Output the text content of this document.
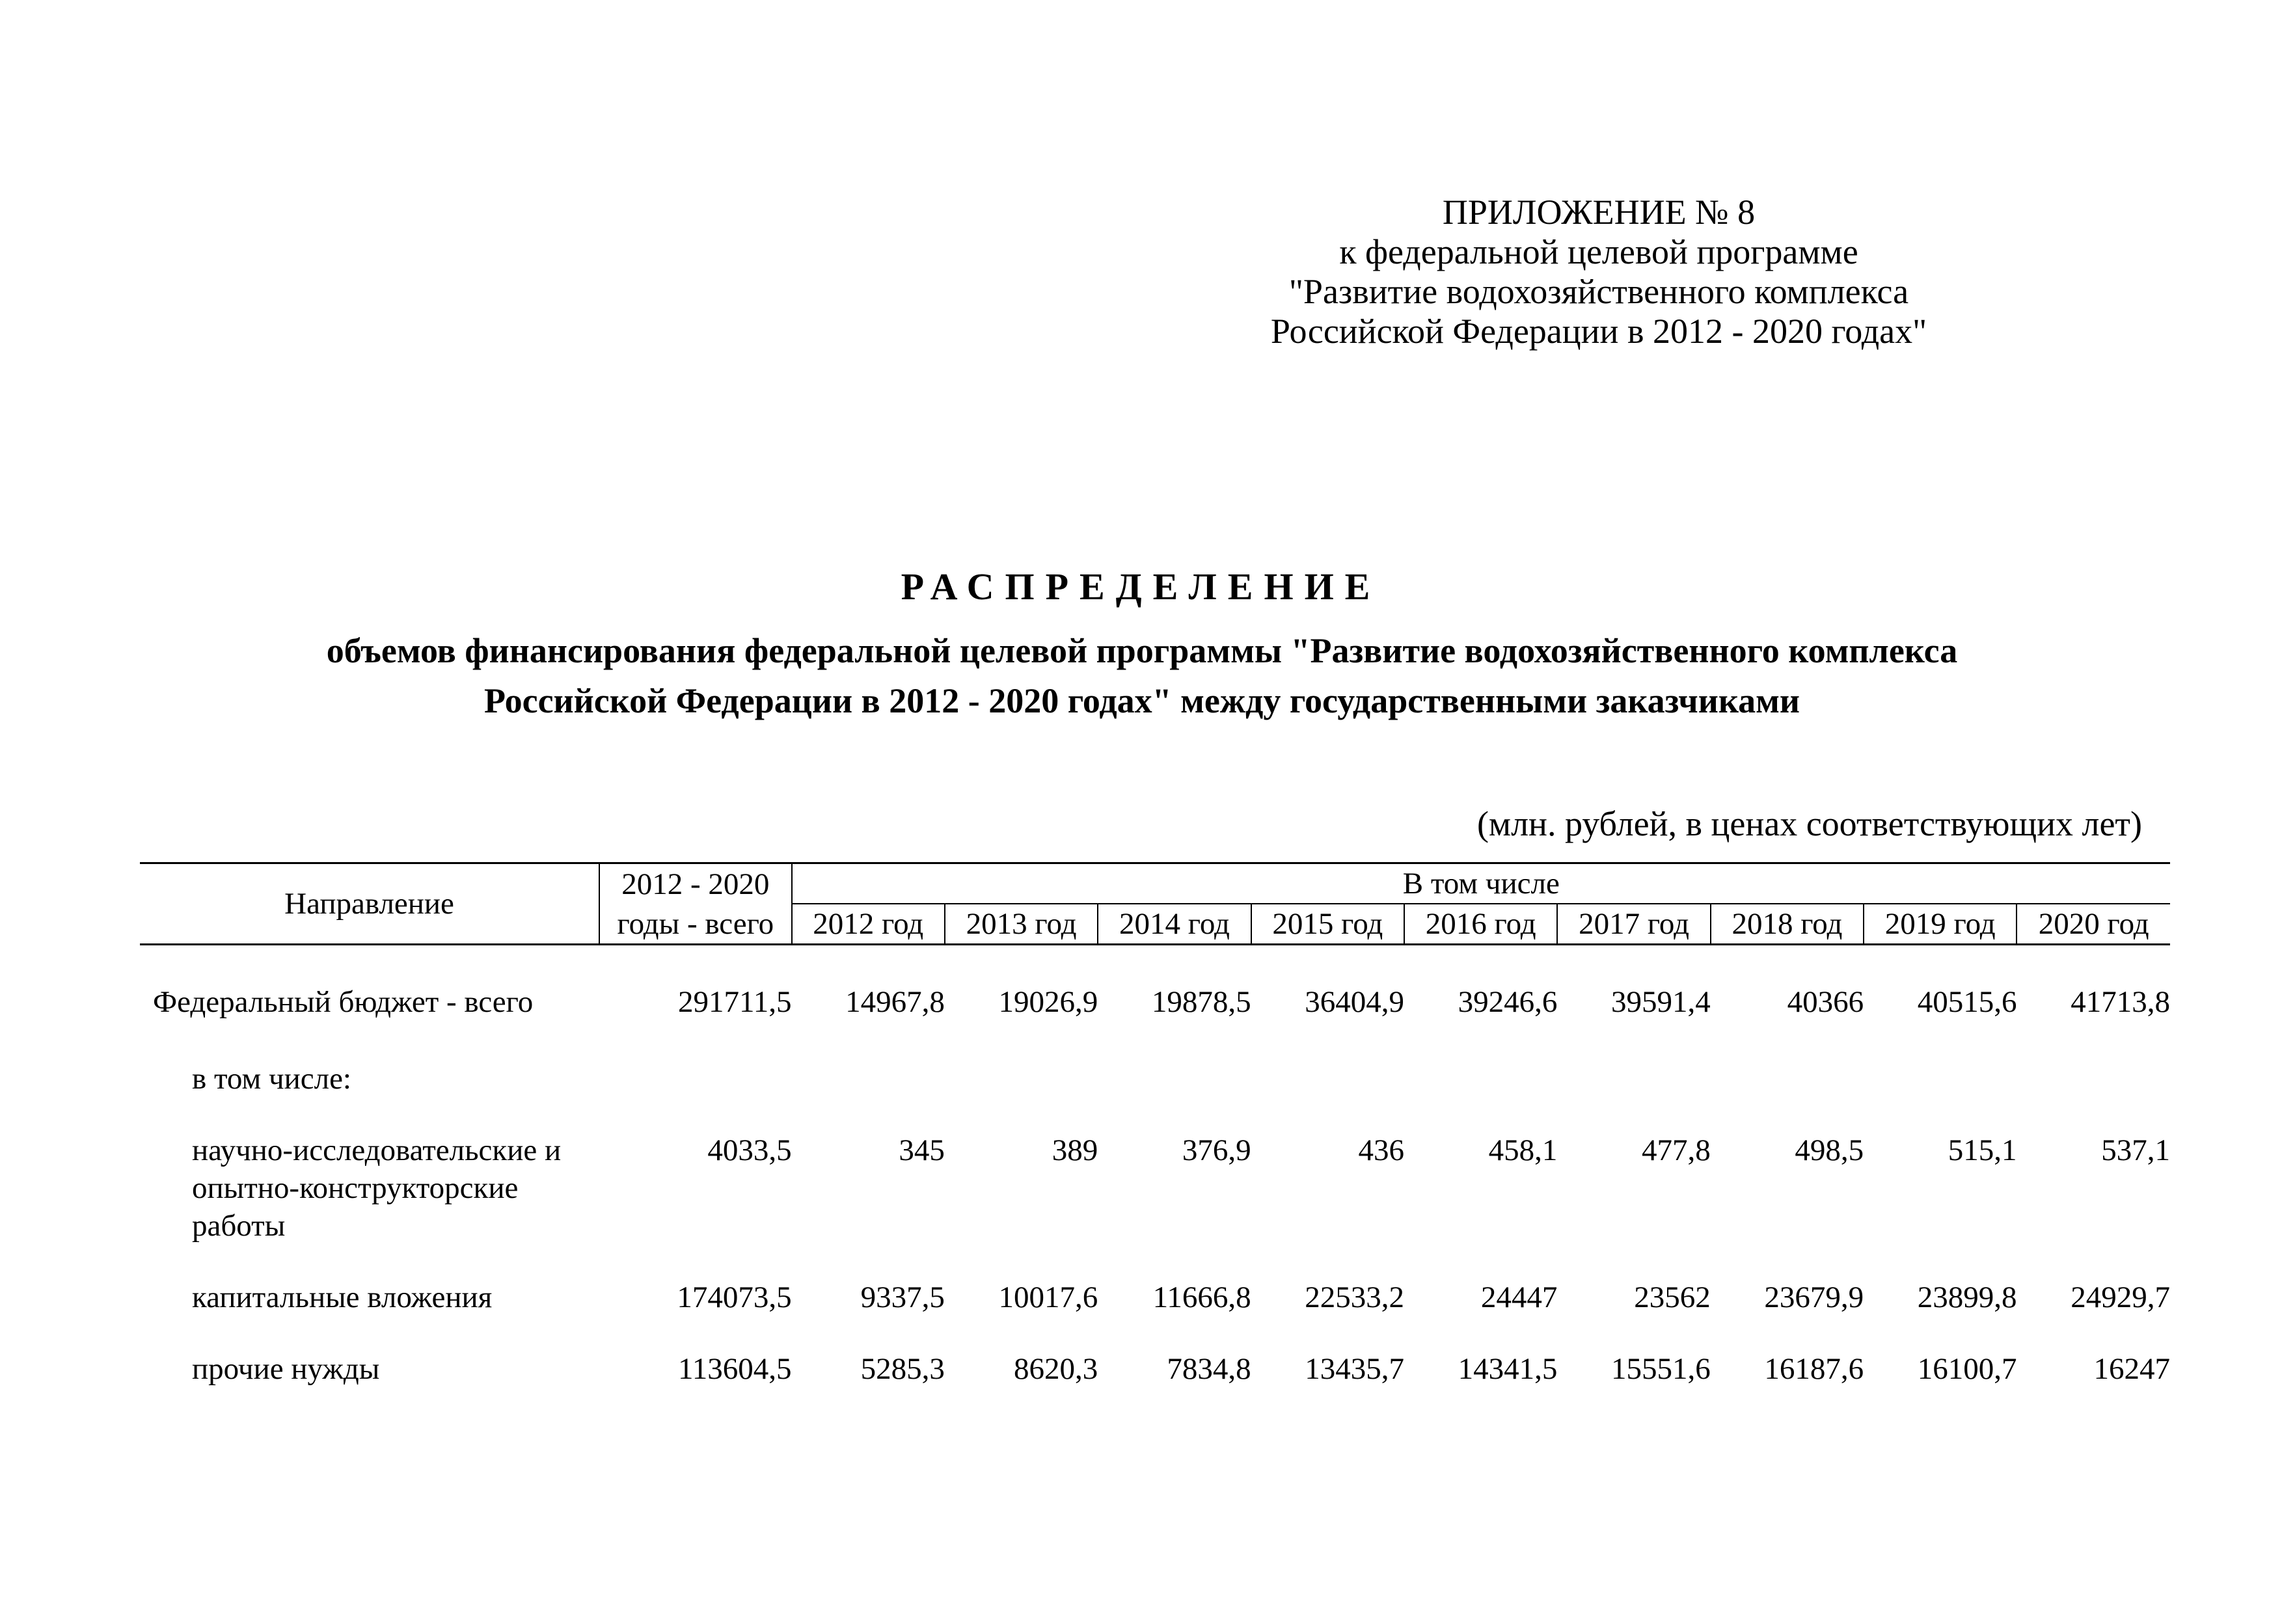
ПРИЛОЖЕНИЕ № 8
к федеральной целевой программе
"Развитие водохозяйственного комплекса
Российской Федерации в 2012 - 2020 годах"
РАСПРЕДЕЛЕНИЕ
объемов финансирования федеральной целевой программы "Развитие водохозяйственного комплекса
Российской Федерации в 2012 - 2020 годах" между государственными заказчиками
(млн. рублей, в ценах соответствующих лет)
Направление	2012 - 2020	В том числе								
	годы - всего	2012 год	2013 год	2014 год	2015 год	2016 год	2017 год	2018 год	2019 год	2020 год
Федеральный бюджет - всего	291711,5	14967,8	19026,9	19878,5	36404,9	39246,6	39591,4	40366	40515,6	41713,8
в том числе:										
научно-исследовательские и опытно-конструкторские работы	4033,5	345	389	376,9	436	458,1	477,8	498,5	515,1	537,1
капитальные вложения	174073,5	9337,5	10017,6	11666,8	22533,2	24447	23562	23679,9	23899,8	24929,7
прочие нужды	113604,5	5285,3	8620,3	7834,8	13435,7	14341,5	15551,6	16187,6	16100,7	16247
